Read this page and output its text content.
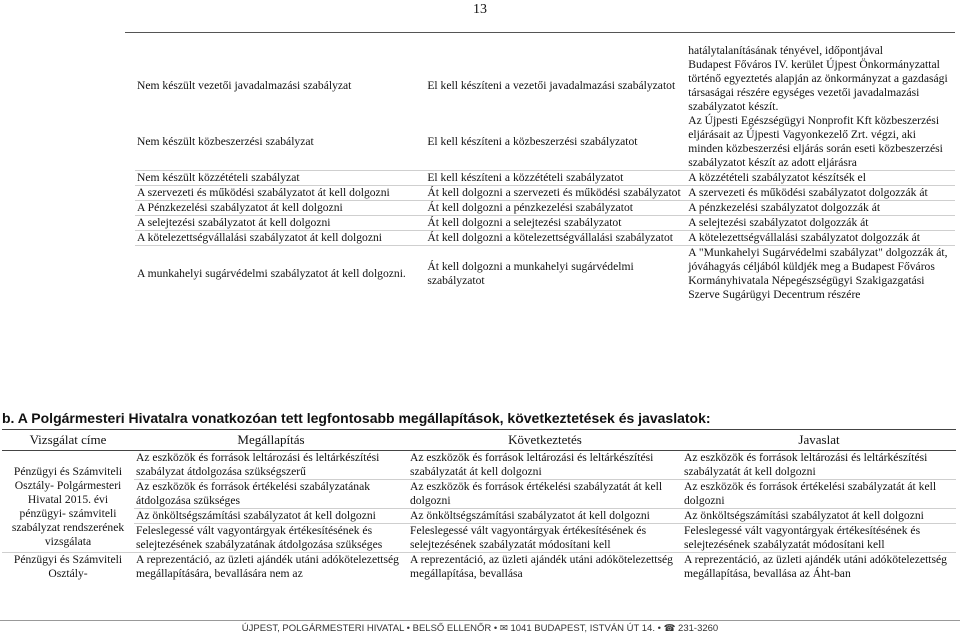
13
		hatálytalanításának tényével, időpontjával
Nem készült vezetői javadalmazási szabályzat	El kell készíteni a vezetői javadalmazási szabályzatot	Budapest Főváros IV. kerület Újpest Önkormányzattal történő egyeztetés alapján az önkormányzat a gazdasági társaságai részére egységes vezetői javadalmazási szabályzatot készít.
Nem készült közbeszerzési szabályzat	El kell készíteni a közbeszerzési szabályzatot	Az Újpesti Egészségügyi Nonprofit Kft közbeszerzési eljárásait az Újpesti Vagyonkezelő Zrt. végzi, aki minden közbeszerzési eljárás során eseti közbeszerzési szabályzatot készít az adott eljárásra
Nem készült közzétételi szabályzat	El kell készíteni a közzétételi szabályzatot	A közzétételi szabályzatot készítsék el
A szervezeti és működési szabályzatot át kell dolgozni	Át kell dolgozni a szervezeti és működési szabályzatot	A szervezeti és működési szabályzatot dolgozzák át
A Pénzkezelési szabályzatot át kell dolgozni	Át kell dolgozni a pénzkezelési szabályzatot	A pénzkezelési szabályzatot dolgozzák át
A selejtezési szabályzatot át kell dolgozni	Át kell dolgozni a selejtezési szabályzatot	A selejtezési szabályzatot dolgozzák át
A kötelezettségvállalási szabályzatot át kell dolgozni	Át kell dolgozni a kötelezettségvállalási szabályzatot	A kötelezettségvállalási szabályzatot dolgozzák át
A munkahelyi sugárvédelmi szabályzatot át kell dolgozni.	Át kell dolgozni a munkahelyi sugárvédelmi szabályzatot	A "Munkahelyi Sugárvédelmi szabályzat" dolgozzák át, jóváhagyás céljából küldjék meg a Budapest Főváros Kormányhivatala Népegészségügyi Szakigazgatási Szerve Sugárügyi Decentrum részére
b. A Polgármesteri Hivatalra vonatkozóan tett legfontosabb megállapítások, következtetések és javaslatok:
Vizsgálat címe	Megállapítás	Következtetés	Javaslat
Pénzügyi és Számviteli Osztály- Polgármesteri Hivatal 2015. évi pénzügyi- számviteli szabályzat rendszerének vizsgálata	Az eszközök és források leltározási és leltárkészítési szabályzat átdolgozása szükségszerű	Az eszközök és források leltározási és leltárkészítési szabályzatát át kell dolgozni	Az eszközök és források leltározási és leltárkészítési szabályzatát át kell dolgozni
	Az eszközök és források értékelési szabályzatának átdolgozása szükséges	Az eszközök és források értékelési szabályzatát át kell dolgozni	Az eszközök és források értékelési szabályzatát át kell dolgozni
	Az önköltségszámítási szabályzatot át kell dolgozni	Az önköltségszámítási szabályzatot át kell dolgozni	Az önköltségszámítási szabályzatot át kell dolgozni
	Feleslegessé vált vagyontárgyak értékesítésének és selejtezésének szabályzatának átdolgozása szükséges	Feleslegessé vált vagyontárgyak értékesítésének és selejtezésének szabályzatát módosítani kell	Feleslegessé vált vagyontárgyak értékesítésének és selejtezésének szabályzatát módosítani kell
Pénzügyi és Számviteli Osztály-	A reprezentáció, az üzleti ajándék utáni adókötelezettség megállapítására, bevallására nem az	A reprezentáció, az üzleti ajándék utáni adókötelezettség megállapítása, bevallása	A reprezentáció, az üzleti ajándék utáni adókötelezettség megállapítása, bevallása az Áht-ban
ÚJPEST, POLGÁRMESTERI HIVATAL • BELSŐ ELLENŐR • ✉ 1041 BUDAPEST, ISTVÁN ÚT 14. • ☎ 231-3260
